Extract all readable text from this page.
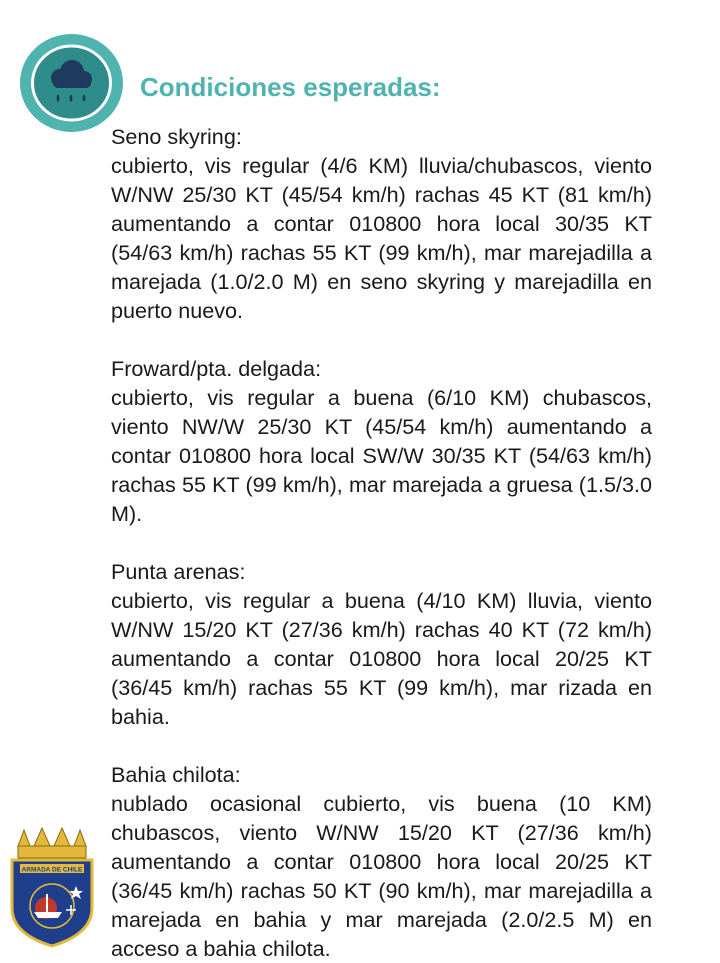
Condiciones esperadas:
Seno skyring:
cubierto, vis regular (4/6 KM) lluvia/chubascos, viento W/NW 25/30 KT (45/54 km/h) rachas 45 KT (81 km/h) aumentando a contar 010800 hora local 30/35 KT (54/63 km/h) rachas 55 KT (99 km/h), mar marejadilla a marejada (1.0/2.0 M) en seno skyring y marejadilla en puerto nuevo.
Froward/pta. delgada:
cubierto, vis regular a buena (6/10 KM) chubascos, viento NW/W 25/30 KT (45/54 km/h) aumentando a contar 010800 hora local SW/W 30/35 KT (54/63 km/h) rachas 55 KT (99 km/h), mar marejada a gruesa (1.5/3.0 M).
Punta arenas:
cubierto, vis regular a buena (4/10 KM) lluvia, viento W/NW 15/20 KT (27/36 km/h) rachas 40 KT (72 km/h) aumentando a contar 010800 hora local 20/25 KT (36/45 km/h) rachas 55 KT (99 km/h), mar rizada en bahia.
Bahia chilota:
nublado ocasional cubierto, vis buena (10 KM) chubascos, viento W/NW 15/20 KT (27/36 km/h) aumentando a contar 010800 hora local 20/25 KT (36/45 km/h) rachas 50 KT (90 km/h), mar marejadilla a marejada en bahia y mar marejada (2.0/2.5 M) en acceso a bahia chilota.
ARMADA DE CHILE
